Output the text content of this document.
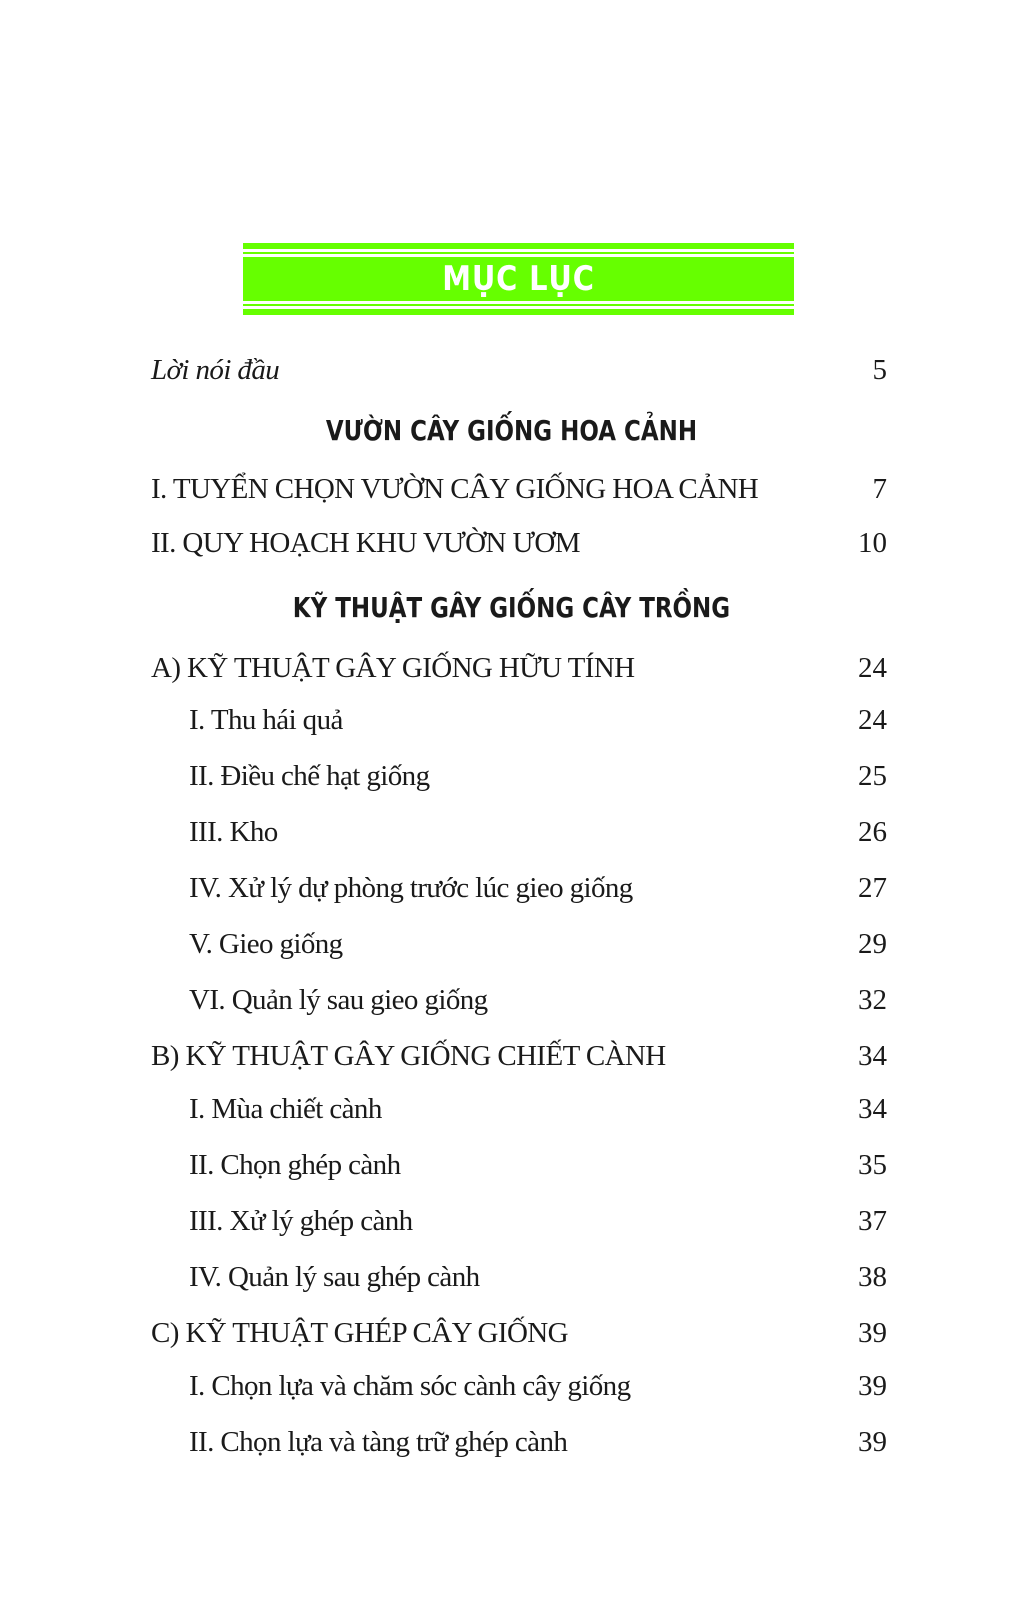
MỤC LỤC
Lời nói đầu	5
VƯỜN CÂY GIỐNG HOA CẢNH
I. TUYỂN CHỌN VƯỜN CÂY GIỐNG HOA CẢNH	7
II. QUY HOẠCH KHU VƯỜN ƯƠM	10
KỸ THUẬT GÂY GIỐNG CÂY TRỒNG
A) KỸ THUẬT GÂY GIỐNG HỮU TÍNH	24
I. Thu hái quả	24
II. Điều chế hạt giống	25
III. Kho	26
IV. Xử lý dự phòng trước lúc gieo giống	27
V. Gieo giống	29
VI. Quản lý sau gieo giống	32
B) KỸ THUẬT GÂY GIỐNG CHIẾT CÀNH	34
I. Mùa chiết cành	34
II. Chọn ghép cành	35
III. Xử lý ghép cành	37
IV. Quản lý sau ghép cành	38
C) KỸ THUẬT GHÉP CÂY GIỐNG	39
I. Chọn lựa và chăm sóc cành cây giống	39
II. Chọn lựa và tàng trữ ghép cành	39
